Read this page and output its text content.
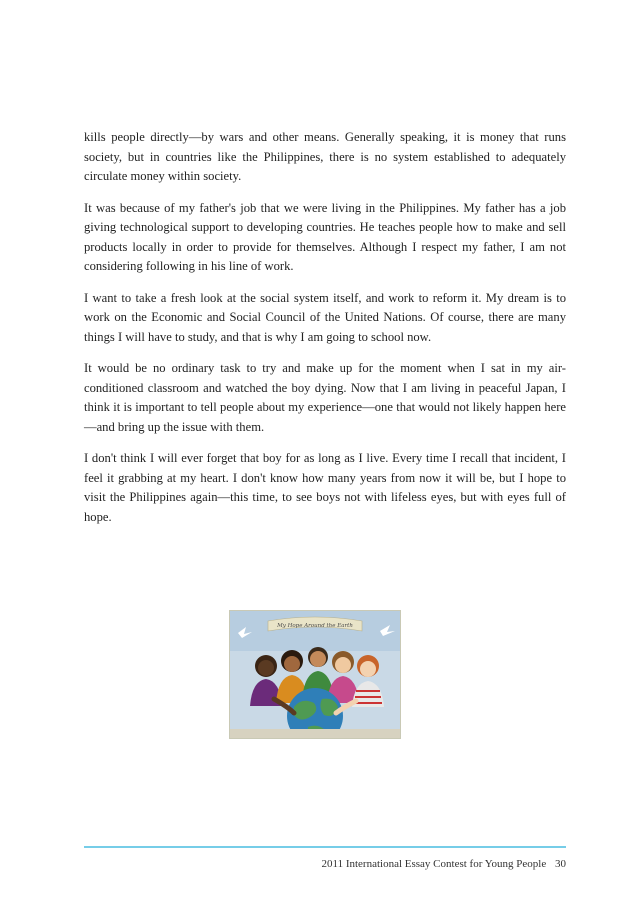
kills people directly—by wars and other means. Generally speaking, it is money that runs society, but in countries like the Philippines, there is no system established to adequately circulate money within society.

It was because of my father's job that we were living in the Philippines. My father has a job giving technological support to developing countries. He teaches people how to make and sell products locally in order to provide for themselves. Although I respect my father, I am not considering following in his line of work.

I want to take a fresh look at the social system itself, and work to reform it. My dream is to work on the Economic and Social Council of the United Nations. Of course, there are many things I will have to study, and that is why I am going to school now.

It would be no ordinary task to try and make up for the moment when I sat in my air-conditioned classroom and watched the boy dying. Now that I am living in peaceful Japan, I think it is important to tell people about my experience—one that would not likely happen here—and bring up the issue with them.

I don't think I will ever forget that boy for as long as I live. Every time I recall that incident, I feel it grabbing at my heart. I don't know how many years from now it will be, but I hope to visit the Philippines again—this time, to see boys not with lifeless eyes, but with eyes full of hope.

My Hope Around the Earth
2011 International Essay Contest for Young People 30
